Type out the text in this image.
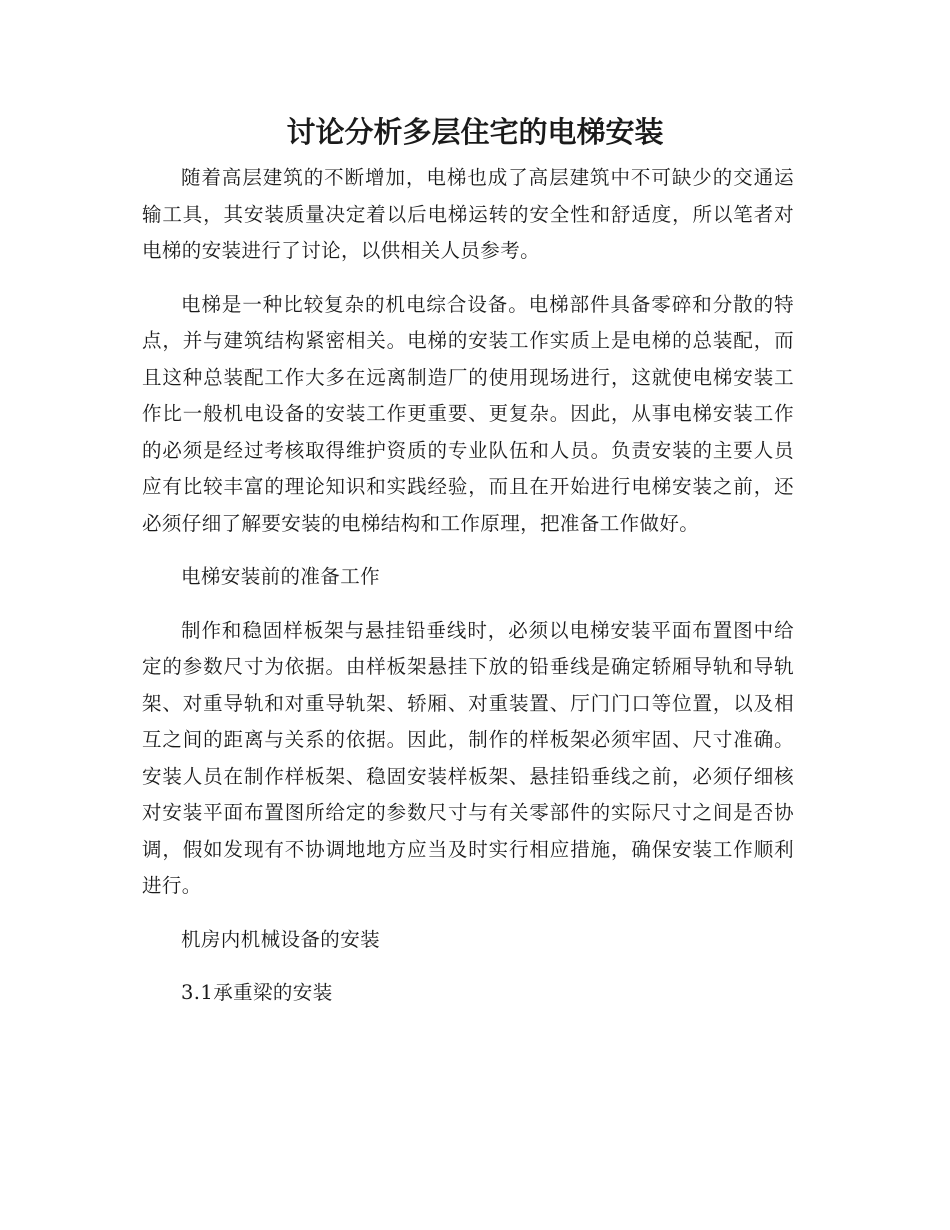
讨论分析多层住宅的电梯安装

随着高层建筑的不断增加，电梯也成了高层建筑中不可缺少的交通运输工具，其安装质量决定着以后电梯运转的安全性和舒适度，所以笔者对电梯的安装进行了讨论，以供相关人员参考。

电梯是一种比较复杂的机电综合设备。电梯部件具备零碎和分散的特点，并与建筑结构紧密相关。电梯的安装工作实质上是电梯的总装配，而且这种总装配工作大多在远离制造厂的使用现场进行，这就使电梯安装工作比一般机电设备的安装工作更重要、更复杂。因此，从事电梯安装工作的必须是经过考核取得维护资质的专业队伍和人员。负责安装的主要人员应有比较丰富的理论知识和实践经验，而且在开始进行电梯安装之前，还必须仔细了解要安装的电梯结构和工作原理，把准备工作做好。

电梯安装前的准备工作

制作和稳固样板架与悬挂铅垂线时，必须以电梯安装平面布置图中给定的参数尺寸为依据。由样板架悬挂下放的铅垂线是确定轿厢导轨和导轨架、对重导轨和对重导轨架、轿厢、对重装置、厅门门口等位置，以及相互之间的距离与关系的依据。因此，制作的样板架必须牢固、尺寸准确。安装人员在制作样板架、稳固安装样板架、悬挂铅垂线之前，必须仔细核对安装平面布置图所给定的参数尺寸与有关零部件的实际尺寸之间是否协调，假如发现有不协调地地方应当及时实行相应措施，确保安装工作顺利进行。

机房内机械设备的安装

3.1承重梁的安装
